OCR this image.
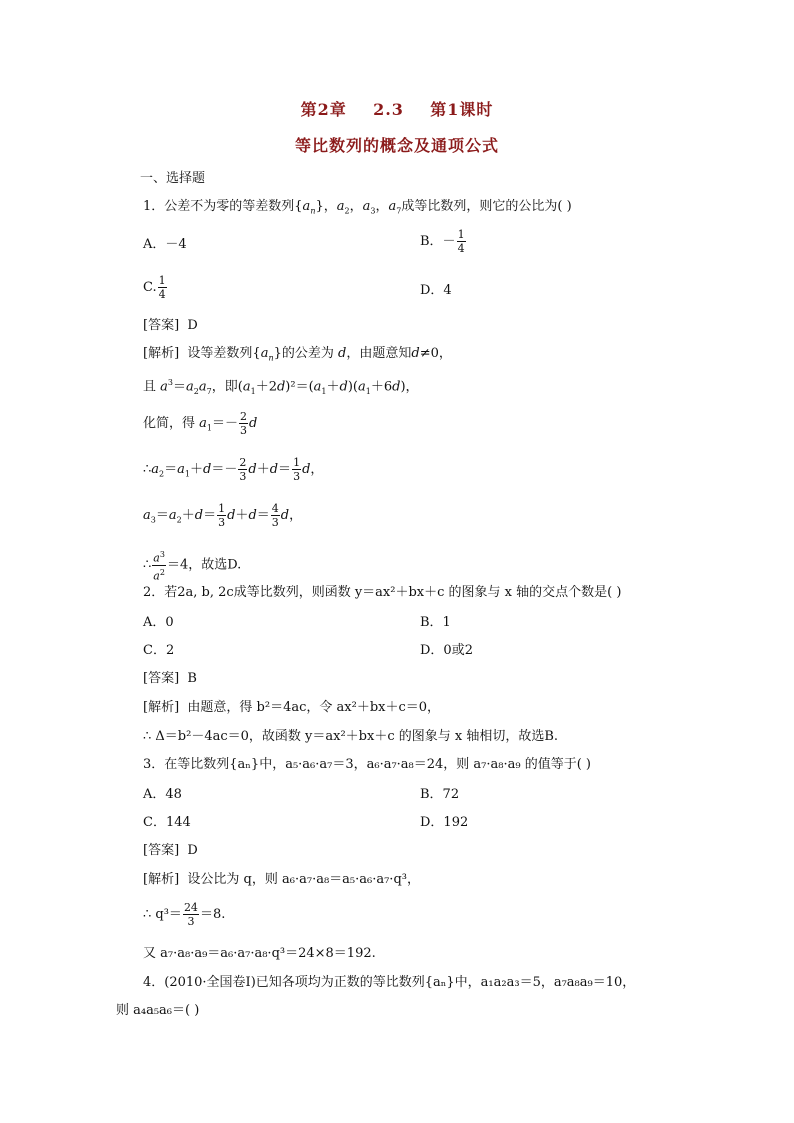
第2章    2.3    第1课时
等比数列的概念及通项公式
一、选择题
1．公差不为零的等差数列$\{a_n\}$，$a_2$，$a_3$，$a_7$成等比数列，则它的公比为( )
A．－4	B．－ $\frac{1}{4}$
C. $\frac{1}{4}$	D．4
[答案] D
[解析] 设等差数列$\{a_n\}$的公差为 d，由题意知d≠0，
且 $a^3=a_2a_7$，即$(a_1+2d)^2=(a_1+d)(a_1+6d)$，
化简，得 $a_1=- \frac{2}{3}$ d
$\therefore a_2=a_1+d=- \frac{2}{3} d+d= \frac{1}{3}$ d，
$a_3=a_2+d= \frac{1}{3} d+d= \frac{4}{3}$ d，
∴ $\frac{a^3}{a^2} =4$，故选D.
2．若2a, b, 2c成等比数列，则函数 y＝ax²＋bx＋c 的图象与 x 轴的交点个数是( )
A．0	B．1
C．2	D．0或2
[答案] B
[解析] 由题意，得 b²＝4ac，令 ax²＋bx＋c＝0，
∴ Δ＝b²－4ac＝0，故函数 y＝ax²＋bx＋c 的图象与 x 轴相切，故选B.
3．在等比数列{aₙ}中，a₅·a₆·a₇＝3，a₆·a₇·a₈＝24，则 a₇·a₈·a₉ 的值等于( )
A．48	B．72
C．144	D．192
[答案] D
[解析] 设公比为 q，则 a₆·a₇·a₈＝a₅·a₆·a₇·q³，
∴ $q^3= \frac{24}{3} =8$.
又 a₇·a₈·a₉＝a₆·a₇·a₈·q³＝24×8＝192.
4．(2010·全国卷Ⅰ)已知各项均为正数的等比数列{aₙ}中，a₁a₂a₃＝5，a₇a₈a₉＝10，
则 a₄a₅a₆＝( )
